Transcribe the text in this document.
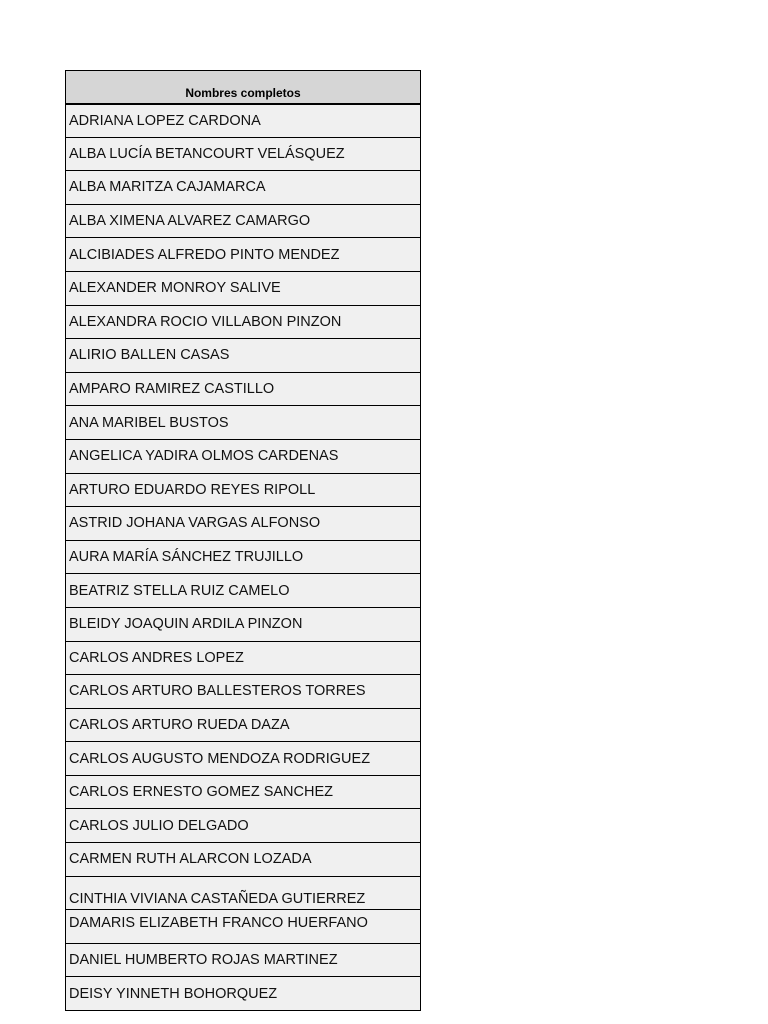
Nombres completos
ADRIANA LOPEZ CARDONA
ALBA LUCÍA BETANCOURT VELÁSQUEZ
ALBA MARITZA CAJAMARCA
ALBA XIMENA ALVAREZ CAMARGO
ALCIBIADES ALFREDO PINTO MENDEZ
ALEXANDER MONROY SALIVE
ALEXANDRA ROCIO VILLABON PINZON
ALIRIO BALLEN CASAS
AMPARO RAMIREZ CASTILLO
ANA MARIBEL BUSTOS
ANGELICA YADIRA OLMOS CARDENAS
ARTURO EDUARDO REYES RIPOLL
ASTRID JOHANA VARGAS ALFONSO
AURA MARÍA SÁNCHEZ TRUJILLO
BEATRIZ STELLA RUIZ CAMELO
BLEIDY JOAQUIN ARDILA PINZON
CARLOS ANDRES LOPEZ
CARLOS ARTURO BALLESTEROS TORRES
CARLOS ARTURO RUEDA DAZA
CARLOS AUGUSTO MENDOZA RODRIGUEZ
CARLOS ERNESTO GOMEZ SANCHEZ
CARLOS JULIO DELGADO
CARMEN RUTH ALARCON LOZADA
CINTHIA VIVIANA CASTAÑEDA GUTIERREZ
DAMARIS ELIZABETH FRANCO HUERFANO
DANIEL HUMBERTO ROJAS MARTINEZ
DEISY YINNETH BOHORQUEZ
